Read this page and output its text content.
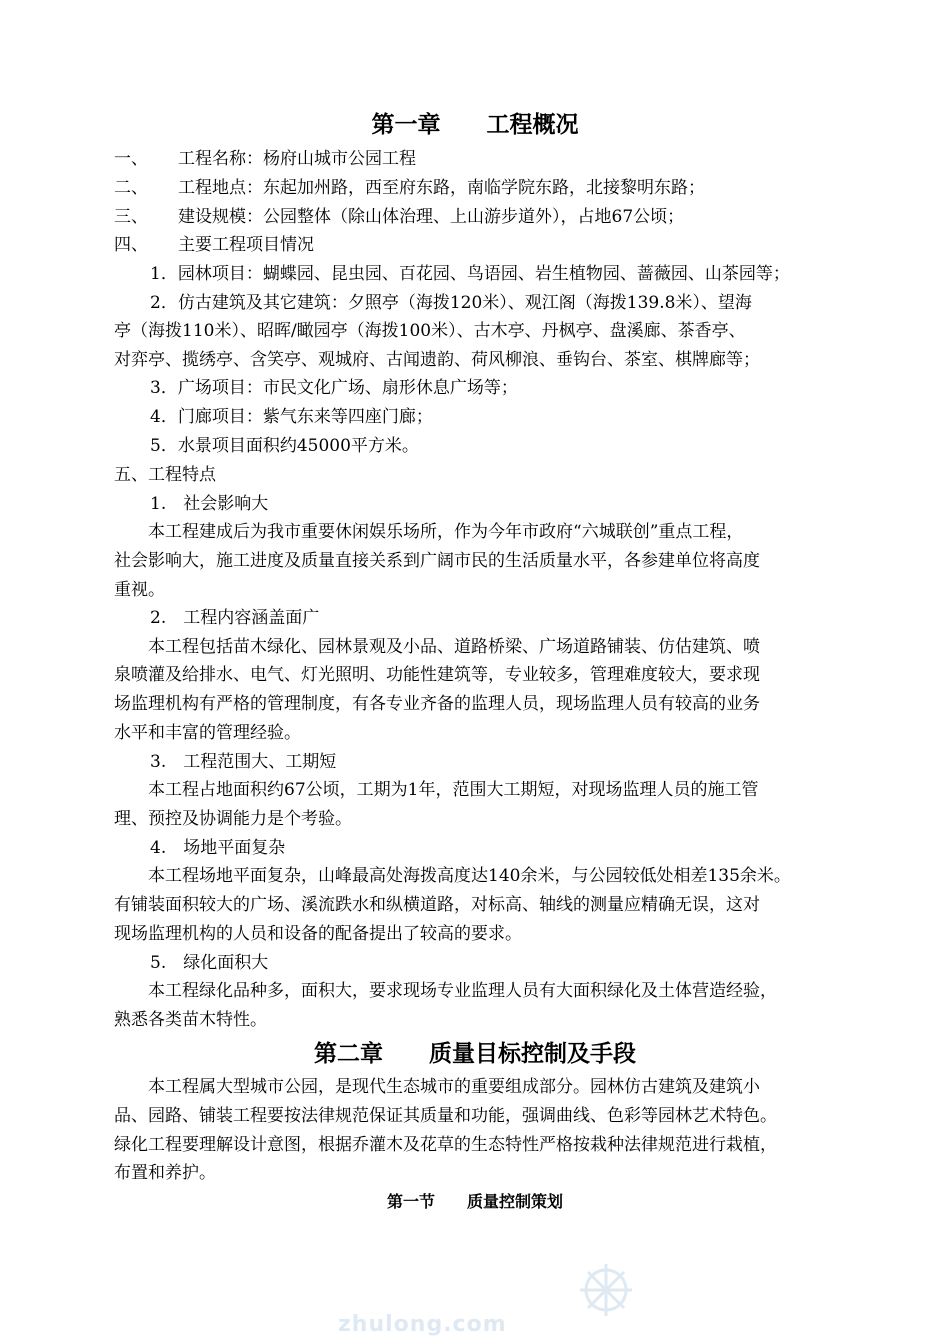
第一章　　工程概况
一、 工程名称：杨府山城市公园工程
二、 工程地点：东起加州路，西至府东路，南临学院东路，北接黎明东路；
三、 建设规模：公园整体（除山体治理、上山游步道外），占地67公顷；
四、 主要工程项目情况
1．园林项目：蝴蝶园、昆虫园、百花园、鸟语园、岩生植物园、蔷薇园、山茶园等；
2．仿古建筑及其它建筑：夕照亭（海拨120米）、观江阁（海拨139.8米）、望海
亭（海拨110米）、昭晖/瞰园亭（海拨100米）、古木亭、丹枫亭、盘溪廊、茶香亭、
对弈亭、揽绣亭、含笑亭、观城府、古闻遗韵、荷风柳浪、垂钩台、茶室、棋牌廊等；
3．广场项目：市民文化广场、扇形休息广场等；
4．门廊项目：紫气东来等四座门廊；
5．水景项目面积约45000平方米。
五、工程特点
1.　社会影响大
本工程建成后为我市重要休闲娱乐场所，作为今年市政府“六城联创”重点工程，
社会影响大，施工进度及质量直接关系到广阔市民的生活质量水平，各参建单位将高度
重视。
2.　工程内容涵盖面广
本工程包括苗木绿化、园林景观及小品、道路桥梁、广场道路铺装、仿估建筑、喷
泉喷灌及给排水、电气、灯光照明、功能性建筑等，专业较多，管理难度较大，要求现
场监理机构有严格的管理制度，有各专业齐备的监理人员，现场监理人员有较高的业务
水平和丰富的管理经验。
3.　工程范围大、工期短
本工程占地面积约67公顷，工期为1年，范围大工期短，对现场监理人员的施工管
理、预控及协调能力是个考验。
4.　场地平面复杂
本工程场地平面复杂，山峰最高处海拨高度达140余米，与公园较低处相差135余米。
有铺装面积较大的广场、溪流跌水和纵横道路，对标高、轴线的测量应精确无误，这对
现场监理机构的人员和设备的配备提出了较高的要求。
5.　绿化面积大
本工程绿化品种多，面积大，要求现场专业监理人员有大面积绿化及土体营造经验，
熟悉各类苗木特性。
第二章　　质量目标控制及手段
本工程属大型城市公园，是现代生态城市的重要组成部分。园林仿古建筑及建筑小
品、园路、铺装工程要按法律规范保证其质量和功能，强调曲线、色彩等园林艺术特色。
绿化工程要理解设计意图，根据乔灌木及花草的生态特性严格按栽种法律规范进行栽植，
布置和养护。
第一节　　质量控制策划
zhulong.com
